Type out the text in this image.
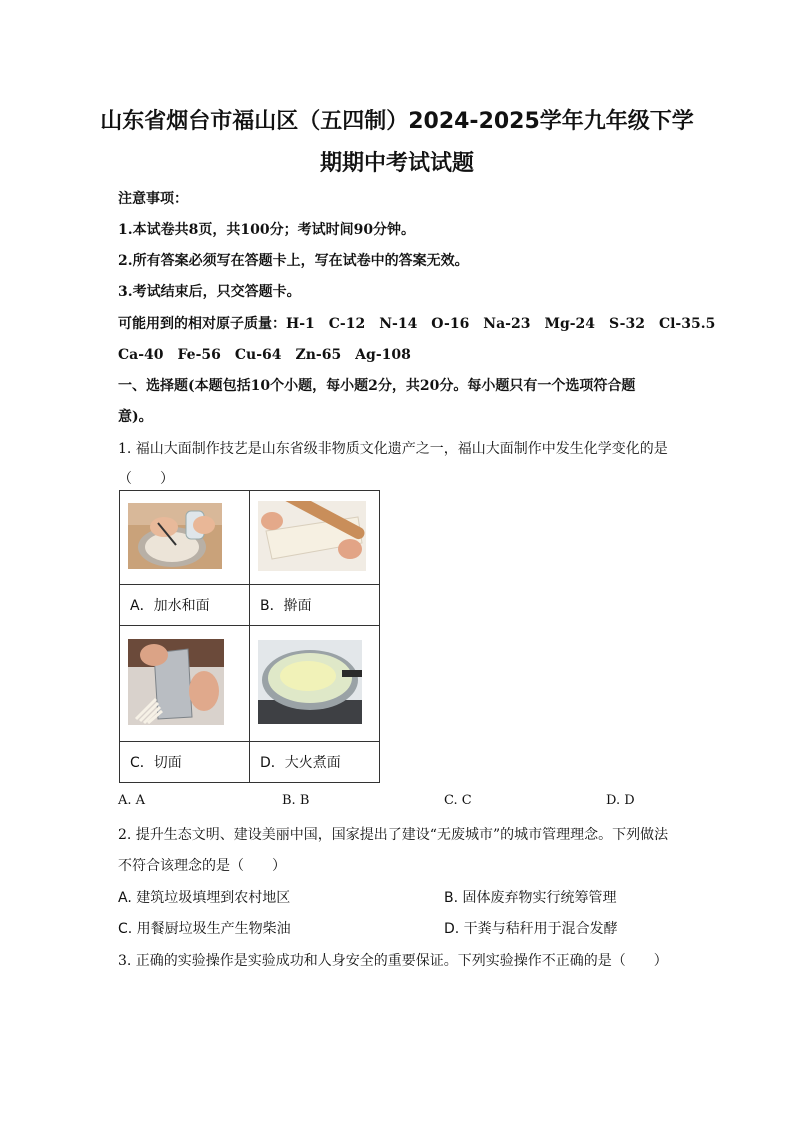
山东省烟台市福山区（五四制）2024-2025学年九年级下学
期期中考试试题
注意事项：
1.本试卷共8页，共100分；考试时间90分钟。
2.所有答案必须写在答题卡上，写在试卷中的答案无效。
3.考试结束后，只交答题卡。
可能用到的相对原子质量：H-1　C-12　N-14　O-16　Na-23　Mg-24　S-32　Cl-35.5
Ca-40　Fe-56　Cu-64　Zn-65　Ag-108
一、选择题(本题包括10个小题，每小题2分，共20分。每小题只有一个选项符合题
意)。
1. 福山大面制作技艺是山东省级非物质文化遗产之一，福山大面制作中发生化学变化的是
（　　）

A．加水和面	B．擀面

C．切面	D．大火煮面
A. A	B. B	C. C	D. D
2. 提升生态文明、建设美丽中国，国家提出了建设“无废城市”的城市管理理念。下列做法
不符合该理念的是（　　）
A. 建筑垃圾填埋到农村地区	B. 固体废弃物实行统筹管理
C. 用餐厨垃圾生产生物柴油	D. 干粪与秸秆用于混合发酵
3. 正确的实验操作是实验成功和人身安全的重要保证。下列实验操作不正确的是（　　）
